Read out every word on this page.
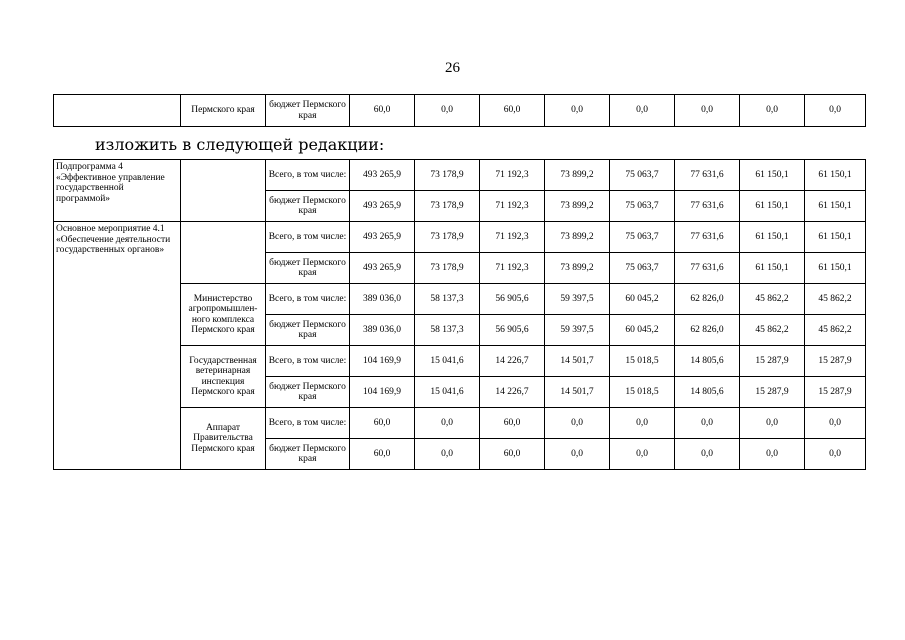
26
	Пермского края	бюджет Пермского края	60,0	0,0	60,0	0,0	0,0	0,0	0,0	0,0
изложить в следующей редакции:
Подпрограмма 4 «Эффективное управление государственной программой»		Всего, в том числе:	493 265,9	73 178,9	71 192,3	73 899,2	75 063,7	77 631,6	61 150,1	61 150,1
		бюджет Пермского края	493 265,9	73 178,9	71 192,3	73 899,2	75 063,7	77 631,6	61 150,1	61 150,1
Основное мероприятие 4.1 «Обеспечение деятельности государственных органов»		Всего, в том числе:	493 265,9	73 178,9	71 192,3	73 899,2	75 063,7	77 631,6	61 150,1	61 150,1
		бюджет Пермского края	493 265,9	73 178,9	71 192,3	73 899,2	75 063,7	77 631,6	61 150,1	61 150,1
	Министерство агропромышлен-ного комплекса Пермского края	Всего, в том числе:	389 036,0	58 137,3	56 905,6	59 397,5	60 045,2	62 826,0	45 862,2	45 862,2
		бюджет Пермского края	389 036,0	58 137,3	56 905,6	59 397,5	60 045,2	62 826,0	45 862,2	45 862,2
	Государственная ветеринарная инспекция Пермского края	Всего, в том числе:	104 169,9	15 041,6	14 226,7	14 501,7	15 018,5	14 805,6	15 287,9	15 287,9
		бюджет Пермского края	104 169,9	15 041,6	14 226,7	14 501,7	15 018,5	14 805,6	15 287,9	15 287,9
	Аппарат Правительства Пермского края	Всего, в том числе:	60,0	0,0	60,0	0,0	0,0	0,0	0,0	0,0
		бюджет Пермского края	60,0	0,0	60,0	0,0	0,0	0,0	0,0	0,0
